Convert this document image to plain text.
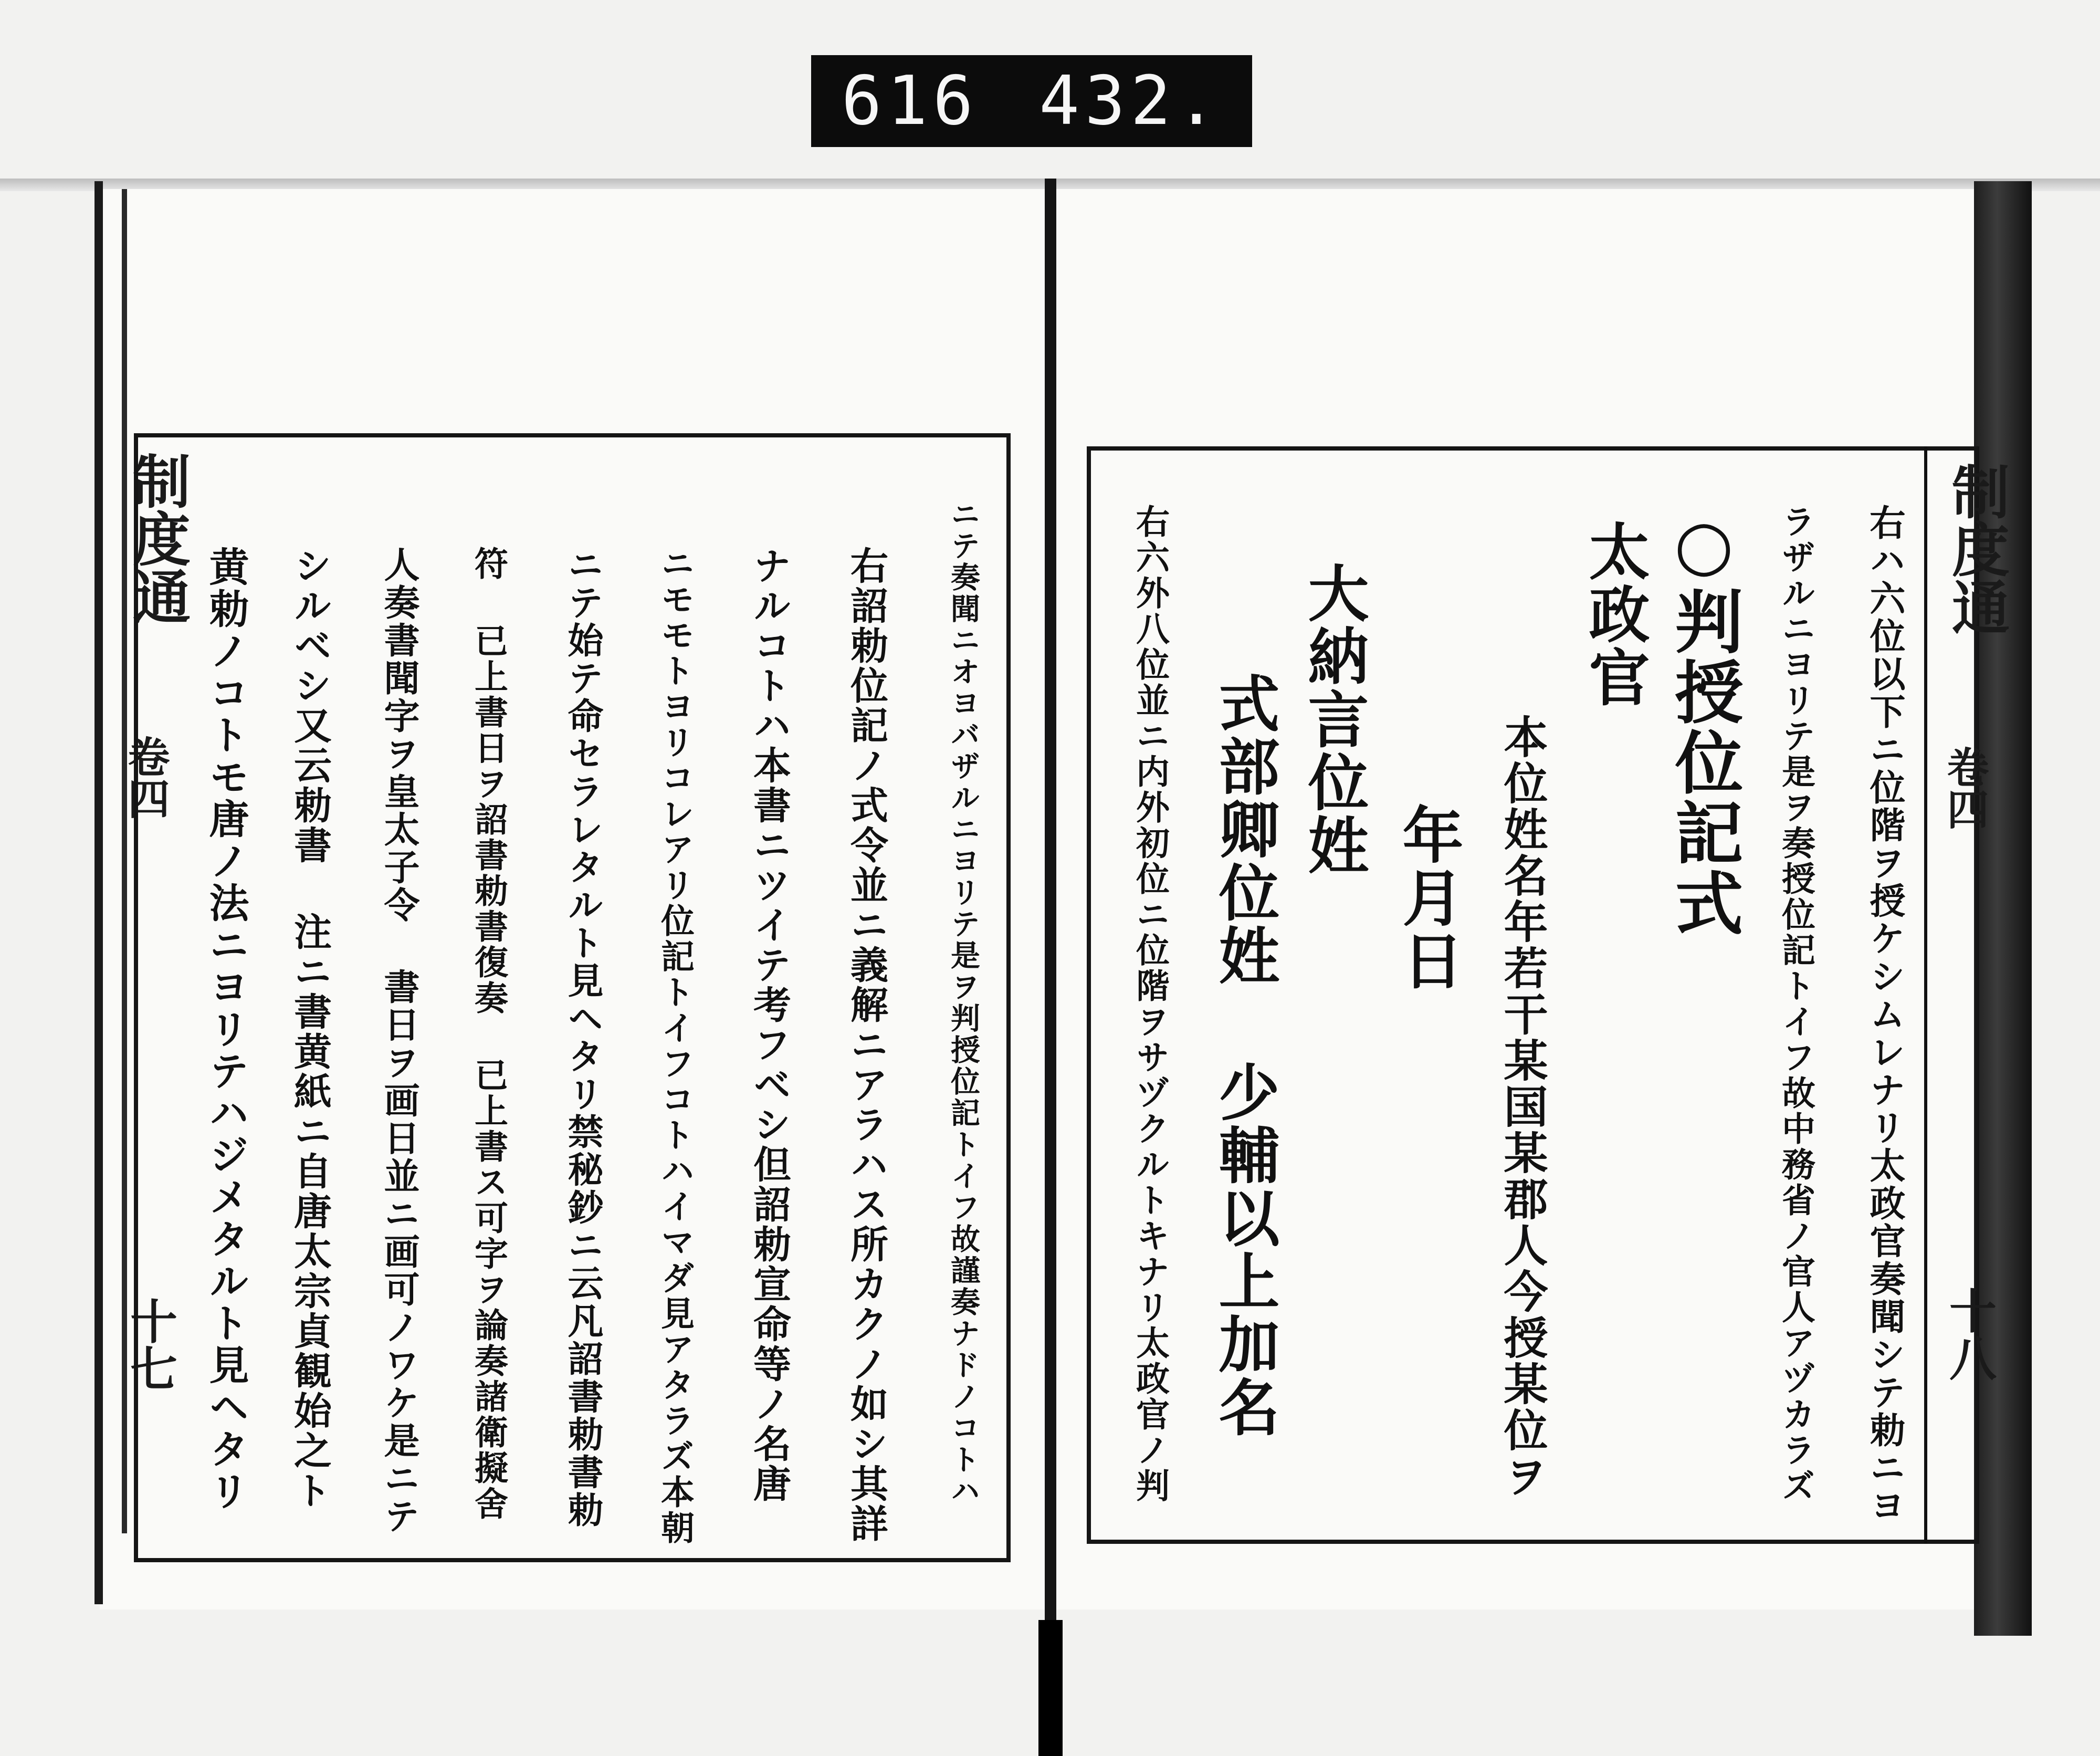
616 432.
制度通
卷四
十七	ニテ奏聞ニオヨバザルニヨリテ是ヲ判授位記トイフ故謹奏ナドノコトハ
右詔勅位記ノ式令並ニ義解ニアラハス所カクノ如シ其詳
ナルコトハ本書ニツイテ考フベシ但詔勅宣命等ノ名唐
ニモモトヨリコレアリ位記トイフコトハイマダ見アタラズ本朝
ニテ始テ命セラレタルト見ヘタリ禁秘鈔ニ云凡詔書勅書勅
符 已上書日ヲ詔書勅書復奏 已上書ス可字ヲ論奏諸衛擬舍
人奏書聞字ヲ皇太子令 書日ヲ画日並ニ画可ノワケ是ニテ
シルベシ又云勅書 注ニ書黄紙ニ自唐太宗貞観始之ト
黄勅ノコトモ唐ノ法ニヨリテハジメタルト見ヘタリ	制度通
卷四
十八
右ハ六位以下ニ位階ヲ授ケシムレナリ太政官奏聞シテ勅ニヨ
ラザルニヨリテ是ヲ奏授位記トイフ故中務省ノ官人アヅカラズ
○判授位記式
太政官
本位姓名年若干某国某郡人今授某位ヲ
年月日
大納言位姓
式部卿位姓 少輔以上加名
右六外八位並ニ内外初位ニ位階ヲサヅクルトキナリ太政官ノ判
